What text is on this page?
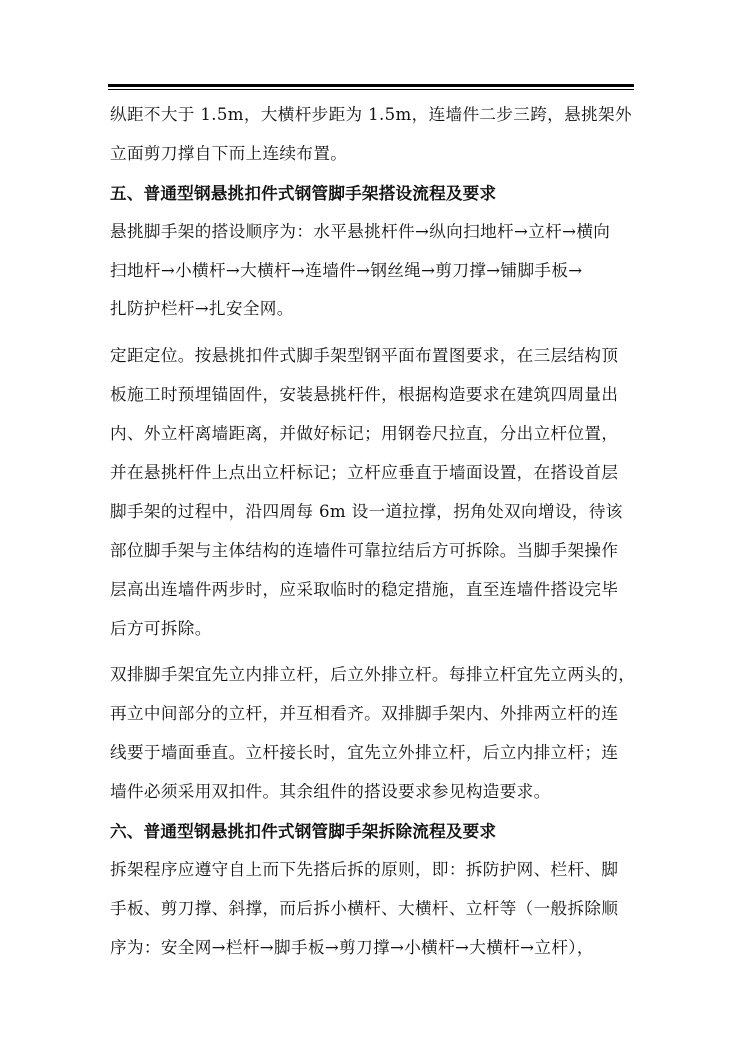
纵距不大于 1.5m，大横杆步距为 1.5m，连墙件二步三跨，悬挑架外
立面剪刀撑自下而上连续布置。
五、普通型钢悬挑扣件式钢管脚手架搭设流程及要求
悬挑脚手架的搭设顺序为：水平悬挑杆件→纵向扫地杆→立杆→横向
扫地杆→小横杆→大横杆→连墙件→钢丝绳→剪刀撑→铺脚手板→
扎防护栏杆→扎安全网。
定距定位。按悬挑扣件式脚手架型钢平面布置图要求，在三层结构顶
板施工时预埋锚固件，安装悬挑杆件，根据构造要求在建筑四周量出
内、外立杆离墙距离，并做好标记；用钢卷尺拉直，分出立杆位置，
并在悬挑杆件上点出立杆标记；立杆应垂直于墙面设置，在搭设首层
脚手架的过程中，沿四周每 6m 设一道拉撑，拐角处双向增设，待该
部位脚手架与主体结构的连墙件可靠拉结后方可拆除。当脚手架操作
层高出连墙件两步时，应采取临时的稳定措施，直至连墙件搭设完毕
后方可拆除。
双排脚手架宜先立内排立杆，后立外排立杆。每排立杆宜先立两头的，
再立中间部分的立杆，并互相看齐。双排脚手架内、外排两立杆的连
线要于墙面垂直。立杆接长时，宜先立外排立杆，后立内排立杆；连
墙件必须采用双扣件。其余组件的搭设要求参见构造要求。
六、普通型钢悬挑扣件式钢管脚手架拆除流程及要求
拆架程序应遵守自上而下先搭后拆的原则，即：拆防护网、栏杆、脚
手板、剪刀撑、斜撑，而后拆小横杆、大横杆、立杆等（一般拆除顺
序为：安全网→栏杆→脚手板→剪刀撑→小横杆→大横杆→立杆），
